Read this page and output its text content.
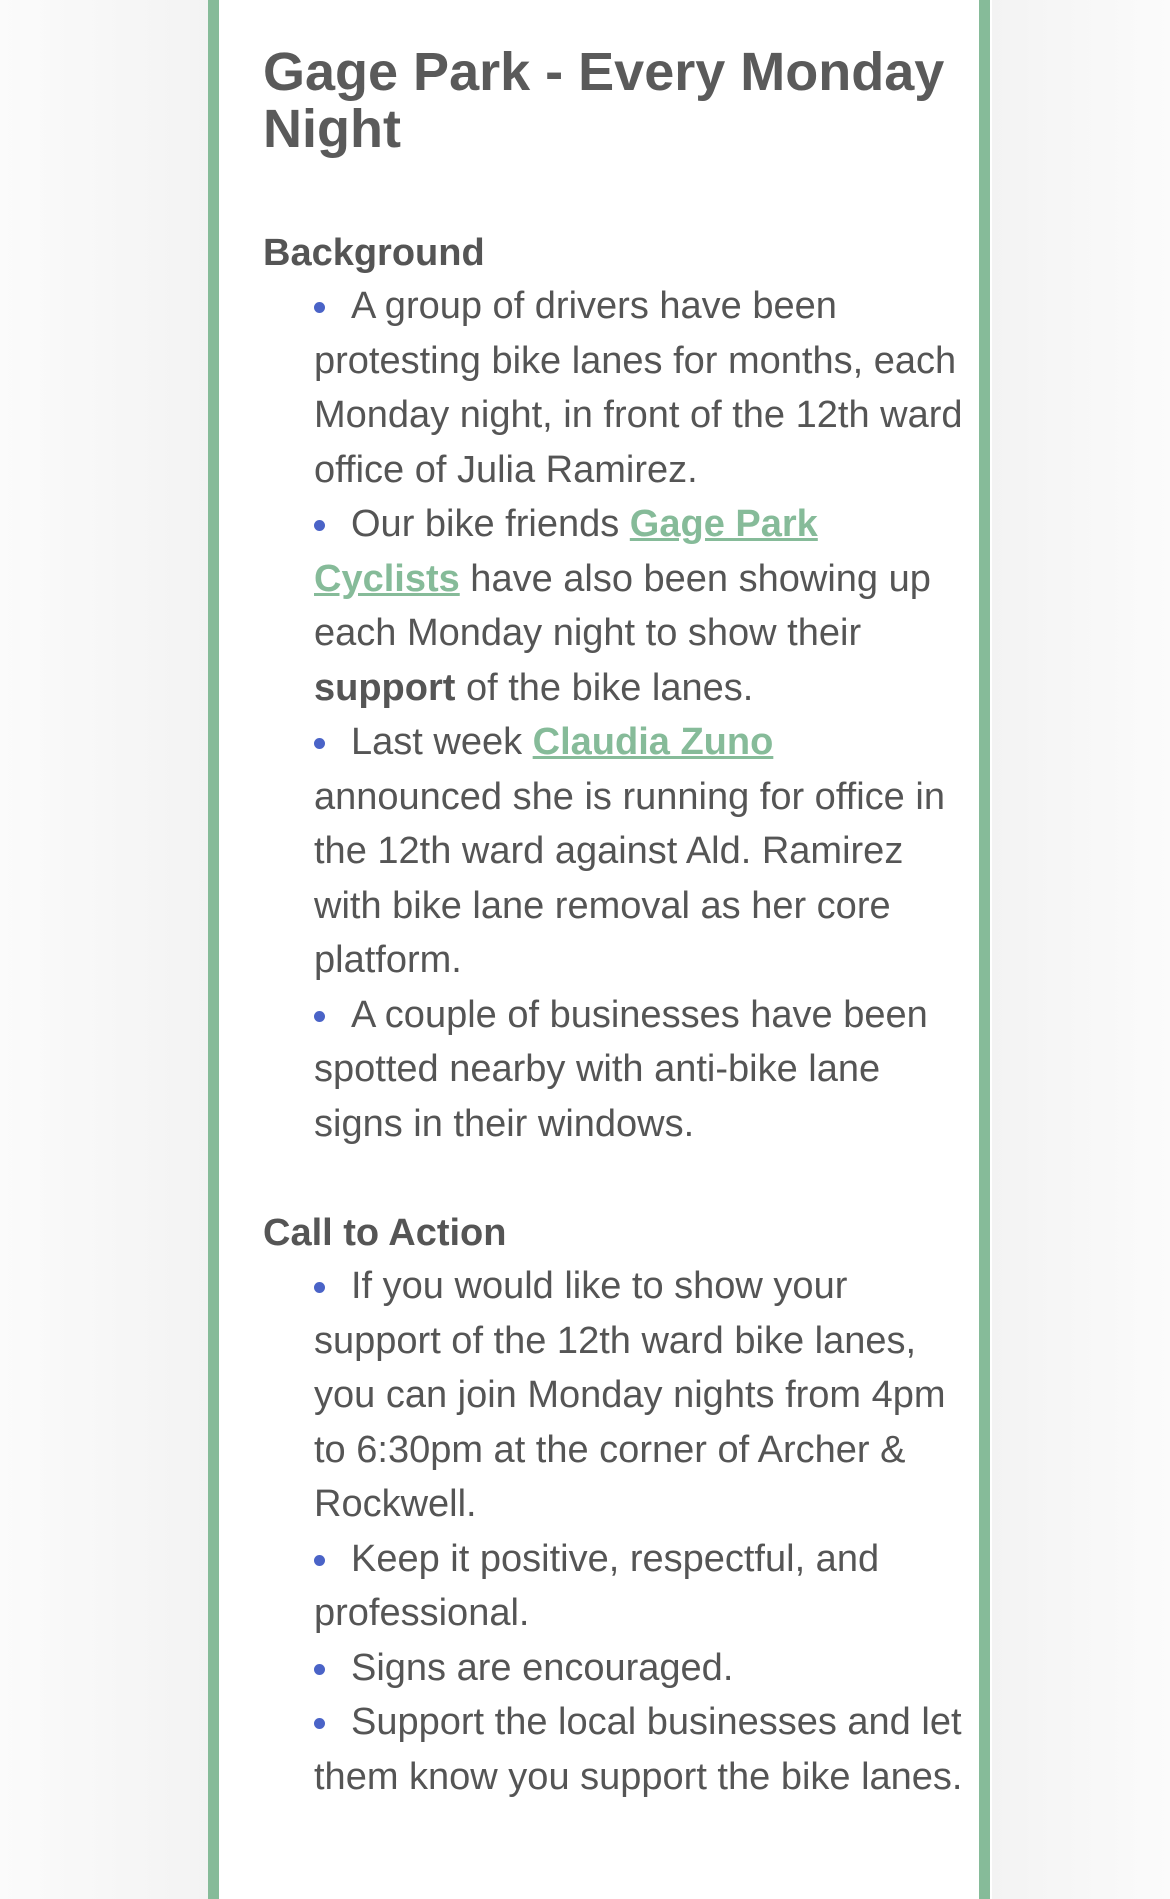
Gage Park - Every Monday Night
Background
A group of drivers have been protesting bike lanes for months, each Monday night, in front of the 12th ward office of Julia Ramirez.
Our bike friends Gage Park Cyclists have also been showing up each Monday night to show their support of the bike lanes.
Last week Claudia Zuno announced she is running for office in the 12th ward against Ald. Ramirez with bike lane removal as her core platform.
A couple of businesses have been spotted nearby with anti-bike lane signs in their windows.
Call to Action
If you would like to show your support of the 12th ward bike lanes, you can join Monday nights from 4pm to 6:30pm at the corner of Archer & Rockwell.
Keep it positive, respectful, and professional.
Signs are encouraged.
Support the local businesses and let them know you support the bike lanes.
